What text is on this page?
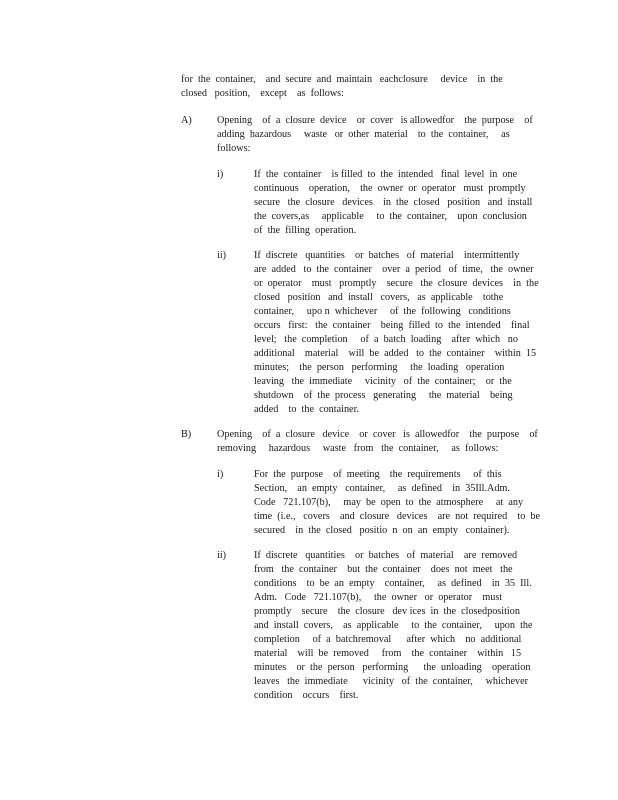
for  the  container,    and  secure  and  maintain   eachclosure     device    in  the
closed   position,    except    as  follows:
A) Opening    of  a  closure  device    or  cover   is allowedfor    the  purpose    of
adding  hazardous     waste   or  other  material    to  the  container,     as
follows:
i)	If  the  container    is filled  to  the  intended   final  level  in  one
continuous    operation,    the  owner  or  operator   must  promptly
secure   the  closure   devices    in  the  closed   position   and  install
the  covers,as     applicable     to  the  container,    upon  conclusion
of  the  filling  operation.
ii)	If  discrete   quantities    or  batches   of  material    intermittently
are  added   to  the  container    over  a  period   of  time,   the  owner
or  operator    must   promptly    secure   the  closure  devices    in  the
closed   position   and  install   covers,   as  applicable    tothe
container,     upo n  whichever     of  the  following   conditions
occurs   first:   the  container    being  filled  to  the  intended    final
level;   the  completion     of  a  batch  loading    after  which   no
additional    material    will  be  added   to  the  container    within  15
minutes;    the  person   performing     the  loading   operation
leaving   the  immediate     vicinity   of  the  container;    or  the
shutdown    of  the  process   generating     the  material    being
added    to  the  container.
B)	Opening    of  a  closure   device    or  cover   is  allowedfor    the  purpose    of
removing     hazardous     waste   from   the  container,     as  follows:
i)	For  the  purpose    of  meeting    the  requirements     of  this
Section,    an  empty   container,     as  defined    in  35Ill.Adm.
Code   721.107(b),     may  be  open  to  the  atmosphere     at  any
time  (i.e.,   covers    and  closure   devices    are  not  required    to  be
secured    in  the  closed   positio  n  on  an  empty   container).
ii)	If  discrete   quantities    or  batches   of  material    are  removed
from   the  container    but  the  container    does  not  meet   the
conditions    to  be  an  empty    container,     as  defined    in  35  Ill.
Adm.   Code   721.107(b),     the  owner   or  operator    must
promptly    secure    the  closure   dev ices  in  the  closedposition
and  install  covers,    as  applicable     to  the  container,     upon  the
completion     of  a  batchremoval      after  which    no  additional
material    will  be  removed     from    the  container    within   15
minutes    or  the  person   performing      the  unloading    operation
leaves   the  immediate      vicinity   of  the  container,     whichever
condition    occurs    first.
